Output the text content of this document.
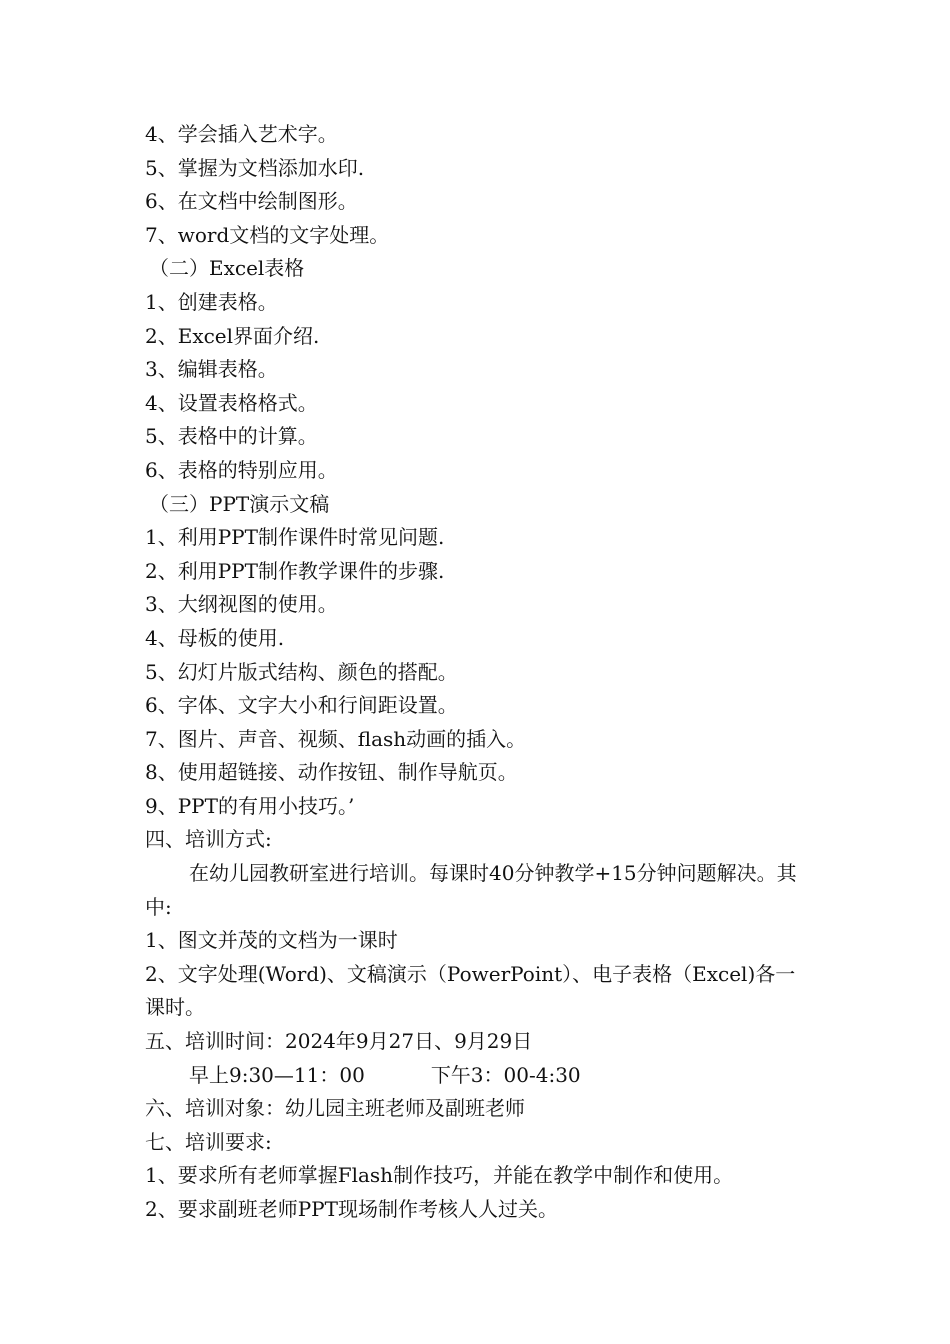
4、学会插入艺术字。
5、掌握为文档添加水印.
6、在文档中绘制图形。
7、word文档的文字处理。
（二）Excel表格
1、创建表格。
2、Excel界面介绍.
3、编辑表格。
4、设置表格格式。
5、表格中的计算。
6、表格的特别应用。
（三）PPT演示文稿
1、利用PPT制作课件时常见问题.
2、利用PPT制作教学课件的步骤.
3、大纲视图的使用。
4、母板的使用.
5、幻灯片版式结构、颜色的搭配。
6、字体、文字大小和行间距设置。
7、图片、声音、视频、flash动画的插入。
8、使用超链接、动作按钮、制作导航页。
9、PPT的有用小技巧。’
四、培训方式:
在幼儿园教研室进行培训。每课时40分钟教学+15分钟问题解决。其中:
1、图文并茂的文档为一课时
2、文字处理(Word)、文稿演示（PowerPoint）、电子表格（Excel)各一课时。
五、培训时间：2024年9月27日、9月29日
早上9:30—11：00	下午3：00-4:30
六、培训对象：幼儿园主班老师及副班老师
七、培训要求:
1、要求所有老师掌握Flash制作技巧，并能在教学中制作和使用。
2、要求副班老师PPT现场制作考核人人过关。
